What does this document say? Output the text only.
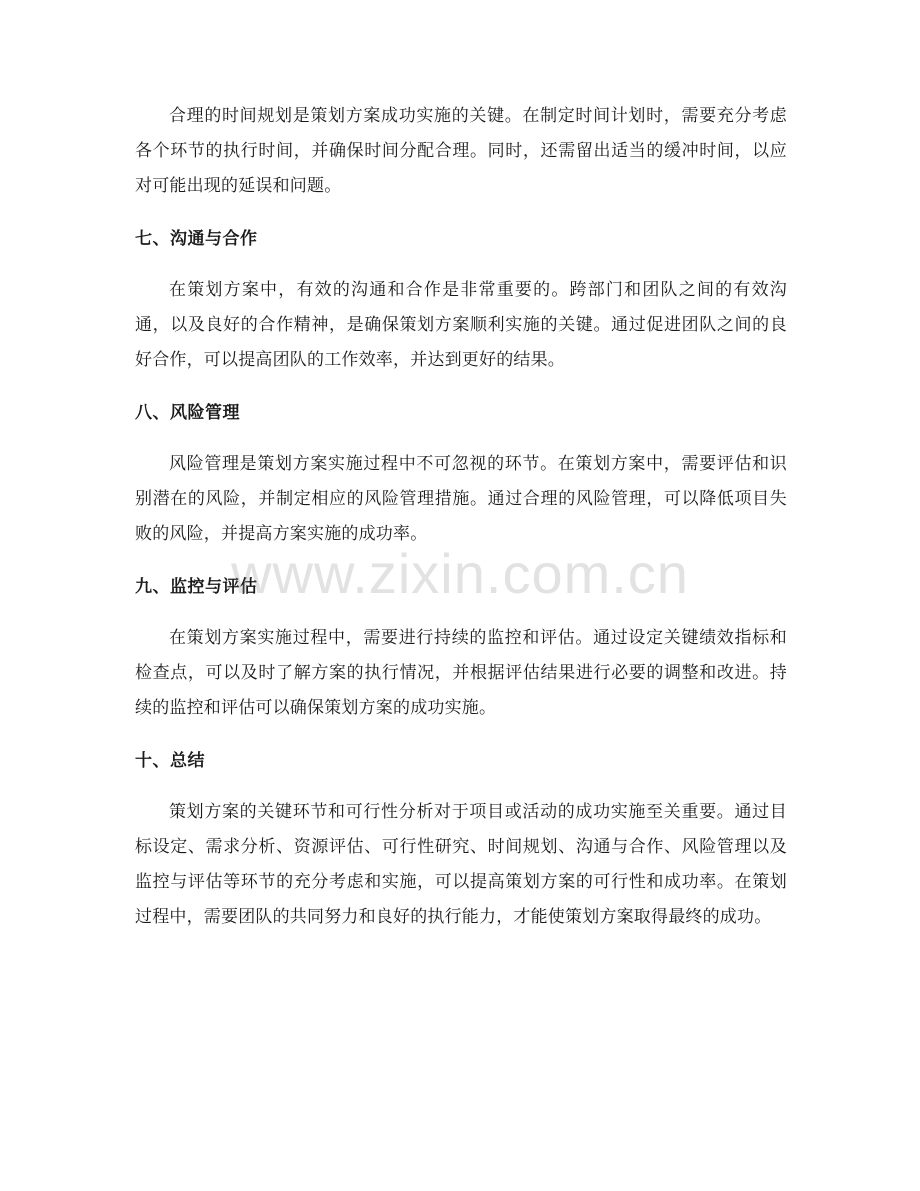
合理的时间规划是策划方案成功实施的关键。在制定时间计划时，需要充分考虑各个环节的执行时间，并确保时间分配合理。同时，还需留出适当的缓冲时间，以应对可能出现的延误和问题。

七、沟通与合作

在策划方案中，有效的沟通和合作是非常重要的。跨部门和团队之间的有效沟通，以及良好的合作精神，是确保策划方案顺利实施的关键。通过促进团队之间的良好合作，可以提高团队的工作效率，并达到更好的结果。

八、风险管理

风险管理是策划方案实施过程中不可忽视的环节。在策划方案中，需要评估和识别潜在的风险，并制定相应的风险管理措施。通过合理的风险管理，可以降低项目失败的风险，并提高方案实施的成功率。

九、监控与评估

在策划方案实施过程中，需要进行持续的监控和评估。通过设定关键绩效指标和检查点，可以及时了解方案的执行情况，并根据评估结果进行必要的调整和改进。持续的监控和评估可以确保策划方案的成功实施。

十、总结

策划方案的关键环节和可行性分析对于项目或活动的成功实施至关重要。通过目标设定、需求分析、资源评估、可行性研究、时间规划、沟通与合作、风险管理以及监控与评估等环节的充分考虑和实施，可以提高策划方案的可行性和成功率。在策划过程中，需要团队的共同努力和良好的执行能力，才能使策划方案取得最终的成功。

www.zixin.com.cn
